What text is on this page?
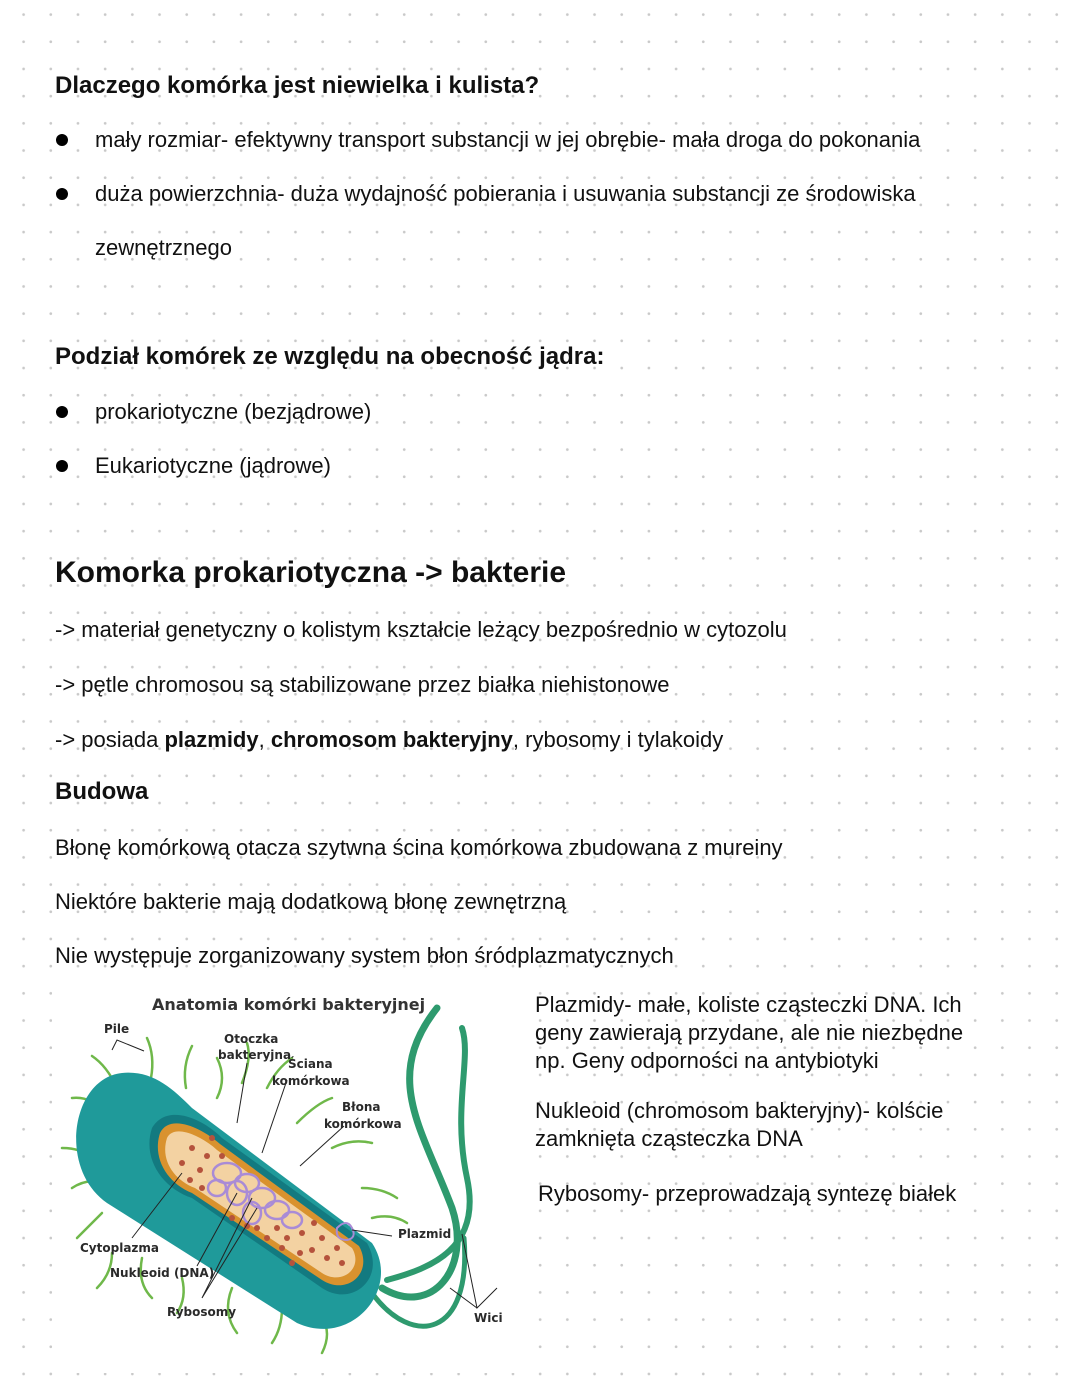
Dlaczego komórka jest niewielka i kulista?
mały rozmiar- efektywny transport substancji w jej obrębie- mała droga do pokonania
duża powierzchnia- duża wydajność pobierania i usuwania substancji ze środowiska
zewnętrznego
Podział komórek ze względu na obecność jądra:
prokariotyczne (bezjądrowe)
Eukariotyczne (jądrowe)
Komorka prokariotyczna -> bakterie
-> materiał genetyczny o kolistym kształcie leżący bezpośrednio w cytozolu
-> pętle chromosou są stabilizowane przez białka niehistonowe
-> posiada plazmidy, chromosom bakteryjny, rybosomy i tylakoidy
Budowa
Błonę komórkową otacza szytwna ścina komórkowa zbudowana z mureiny
Niektóre bakterie mają dodatkową błonę zewnętrzną
Nie występuje zorganizowany system błon śródplazmatycznych

Plazmidy- małe, koliste cząsteczki DNA. Ich

geny zawierają przydane, ale nie niezbędne

np. Geny odporności na antybiotyki

Nukleoid (chromosom bakteryjny)- kolście

zamknięta cząsteczka DNA

Rybosomy- przeprowadzają syntezę białek

Anatomia komórki bakteryjnej
Pile
Otoczka
bakteryjna
Ściana
komórkowa
Błona
komórkowa
Plazmid
Cytoplazma
Nukleoid (DNA)
Rybosomy	Wici
